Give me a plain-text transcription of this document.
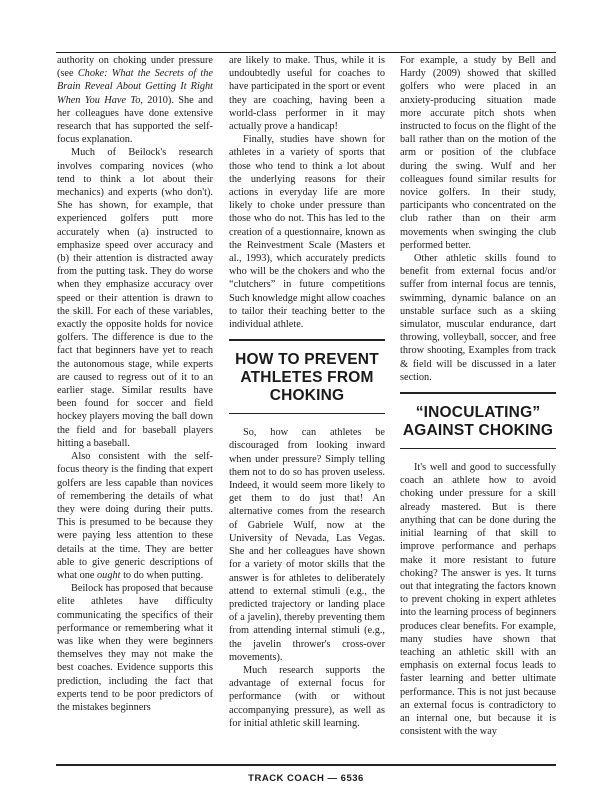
authority on choking under pressure (see Choke: What the Secrets of the Brain Reveal About Getting It Right When You Have To, 2010). She and her colleagues have done extensive research that has supported the self-focus explanation.

Much of Beilock's research involves comparing novices (who tend to think a lot about their mechanics) and experts (who don't). She has shown, for example, that experienced golfers putt more accurately when (a) instructed to emphasize speed over accuracy and (b) their attention is distracted away from the putting task. They do worse when they emphasize accuracy over speed or their attention is drawn to the skill. For each of these variables, exactly the opposite holds for novice golfers. The difference is due to the fact that beginners have yet to reach the autonomous stage, while experts are caused to regress out of it to an earlier stage. Similar results have been found for soccer and field hockey players moving the ball down the field and for baseball players hitting a baseball.

Also consistent with the self-focus theory is the finding that expert golfers are less capable than novices of remembering the details of what they were doing during their putts. This is presumed to be because they were paying less attention to these details at the time. They are better able to give generic descriptions of what one ought to do when putting.

Beilock has proposed that because elite athletes have difficulty communicating the specifics of their performance or remembering what it was like when they were beginners themselves they may not make the best coaches. Evidence supports this prediction, including the fact that experts tend to be poor predictors of the mistakes beginners

are likely to make. Thus, while it is undoubtedly useful for coaches to have participated in the sport or event they are coaching, having been a world-class performer in it may actually prove a handicap!

Finally, studies have shown for athletes in a variety of sports that those who tend to think a lot about the underlying reasons for their actions in everyday life are more likely to choke under pressure than those who do not. This has led to the creation of a questionnaire, known as the Reinvestment Scale (Masters et al., 1993), which accurately predicts who will be the chokers and who the “clutchers” in future competitions Such knowledge might allow coaches to tailor their teaching better to the individual athlete.

HOW TO PREVENT
ATHLETES FROM
CHOKING

So, how can athletes be discouraged from looking inward when under pressure? Simply telling them not to do so has proven useless. Indeed, it would seem more likely to get them to do just that! An alternative comes from the research of Gabriele Wulf, now at the University of Nevada, Las Vegas. She and her colleagues have shown for a variety of motor skills that the answer is for athletes to deliberately attend to external stimuli (e.g., the predicted trajectory or landing place of a javelin), thereby preventing them from attending internal stimuli (e.g., the javelin thrower's cross-over movements).

Much research supports the advantage of external focus for performance (with or without accompanying pressure), as well as for initial athletic skill learning.

For example, a study by Bell and Hardy (2009) showed that skilled golfers who were placed in an anxiety-producing situation made more accurate pitch shots when instructed to focus on the flight of the ball rather than on the motion of the arm or position of the clubface during the swing. Wulf and her colleagues found similar results for novice golfers. In their study, participants who concentrated on the club rather than on their arm movements when swinging the club performed better.

Other athletic skills found to benefit from external focus and/or suffer from internal focus are tennis, swimming, dynamic balance on an unstable surface such as a skiing simulator, muscular endurance, dart throwing, volleyball, soccer, and free throw shooting, Examples from track & field will be discussed in a later section.

“INOCULATING”
AGAINST CHOKING

It's well and good to successfully coach an athlete how to avoid choking under pressure for a skill already mastered. But is there anything that can be done during the initial learning of that skill to improve performance and perhaps make it more resistant to future choking? The answer is yes. It turns out that integrating the factors known to prevent choking in expert athletes into the learning process of beginners produces clear benefits. For example, many studies have shown that teaching an athletic skill with an emphasis on external focus leads to faster learning and better ultimate performance. This is not just because an external focus is contradictory to an internal one, but because it is consistent with the way

TRACK COACH — 6536
